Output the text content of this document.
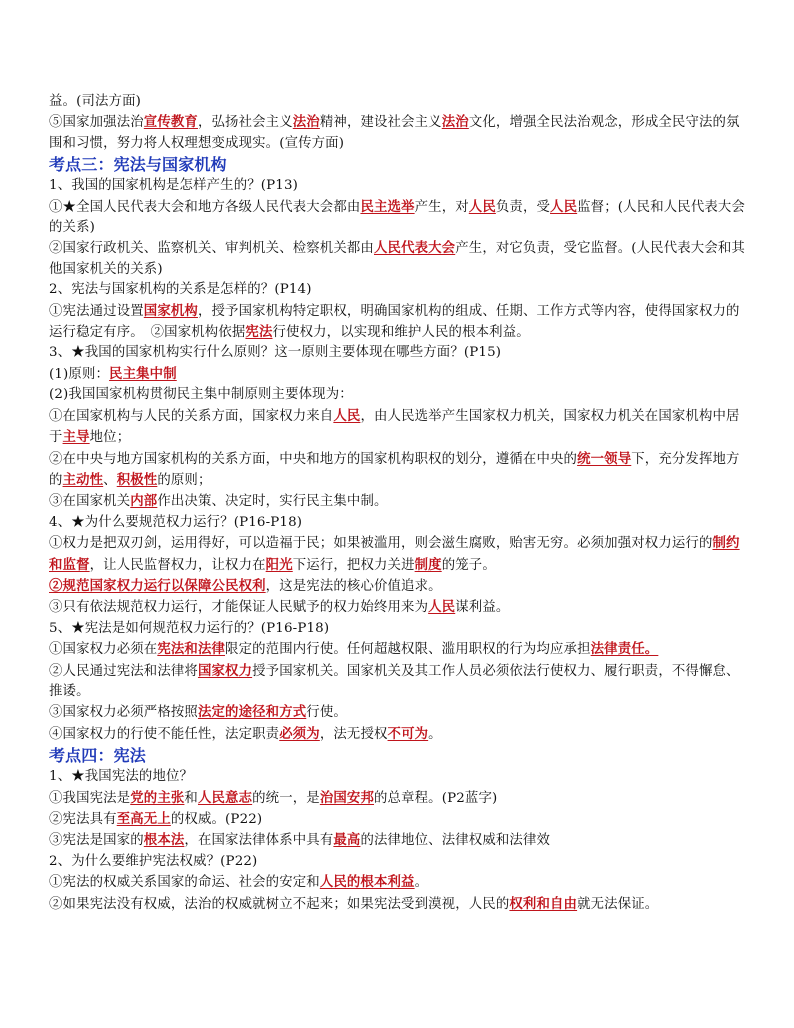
益。(司法方面)
⑤国家加强法治宣传教育，弘扬社会主义法治精神，建设社会主义法治文化，增强全民法治观念，形成全民守法的氛围和习惯，努力将人权理想变成现实。(宣传方面)
考点三：宪法与国家机构
1、我国的国家机构是怎样产生的？(P13)
①★全国人民代表大会和地方各级人民代表大会都由民主选举产生，对人民负责，受人民监督；(人民和人民代表大会的关系)
②国家行政机关、监察机关、审判机关、检察机关都由人民代表大会产生，对它负责，受它监督。(人民代表大会和其他国家机关的关系)
2、宪法与国家机构的关系是怎样的？(P14)
①宪法通过设置国家机构，授予国家机构特定职权，明确国家机构的组成、任期、工作方式等内容，使得国家权力的运行稳定有序。　②国家机构依据宪法行使权力，以实现和维护人民的根本利益。
3、★我国的国家机构实行什么原则？这一原则主要体现在哪些方面？(P15)
(1)原则：民主集中制
(2)我国国家机构贯彻民主集中制原则主要体现为：
①在国家机构与人民的关系方面，国家权力来自人民，由人民选举产生国家权力机关，国家权力机关在国家机构中居于主导地位；
②在中央与地方国家机构的关系方面，中央和地方的国家机构职权的划分，遵循在中央的统一领导下，充分发挥地方的主动性、积极性的原则；
③在国家机关内部作出决策、决定时，实行民主集中制。
4、★为什么要规范权力运行？(P16-P18)
①权力是把双刃剑，运用得好，可以造福于民；如果被滥用，则会滋生腐败，贻害无穷。必须加强对权力运行的制约和监督，让人民监督权力，让权力在阳光下运行，把权力关进制度的笼子。
②规范国家权力运行以保障公民权利，这是宪法的核心价值追求。
③只有依法规范权力运行，才能保证人民赋予的权力始终用来为人民谋利益。
5、★宪法是如何规范权力运行的？(P16-P18)
①国家权力必须在宪法和法律限定的范围内行使。任何超越权限、滥用职权的行为均应承担法律责任。
②人民通过宪法和法律将国家权力授予国家机关。国家机关及其工作人员必须依法行使权力、履行职责，不得懈怠、推诿。
③国家权力必须严格按照法定的途径和方式行使。
④国家权力的行使不能任性，法定职责必须为，法无授权不可为。
考点四：宪法
1、★我国宪法的地位？
①我国宪法是党的主张和人民意志的统一，是治国安邦的总章程。(P2蓝字)
②宪法具有至高无上的权威。(P22)
③宪法是国家的根本法，在国家法律体系中具有最高的法律地位、法律权威和法律效
2、为什么要维护宪法权威？(P22)
①宪法的权威关系国家的命运、社会的安定和人民的根本利益。
②如果宪法没有权威，法治的权威就树立不起来；如果宪法受到漠视，人民的权利和自由就无法保证。
